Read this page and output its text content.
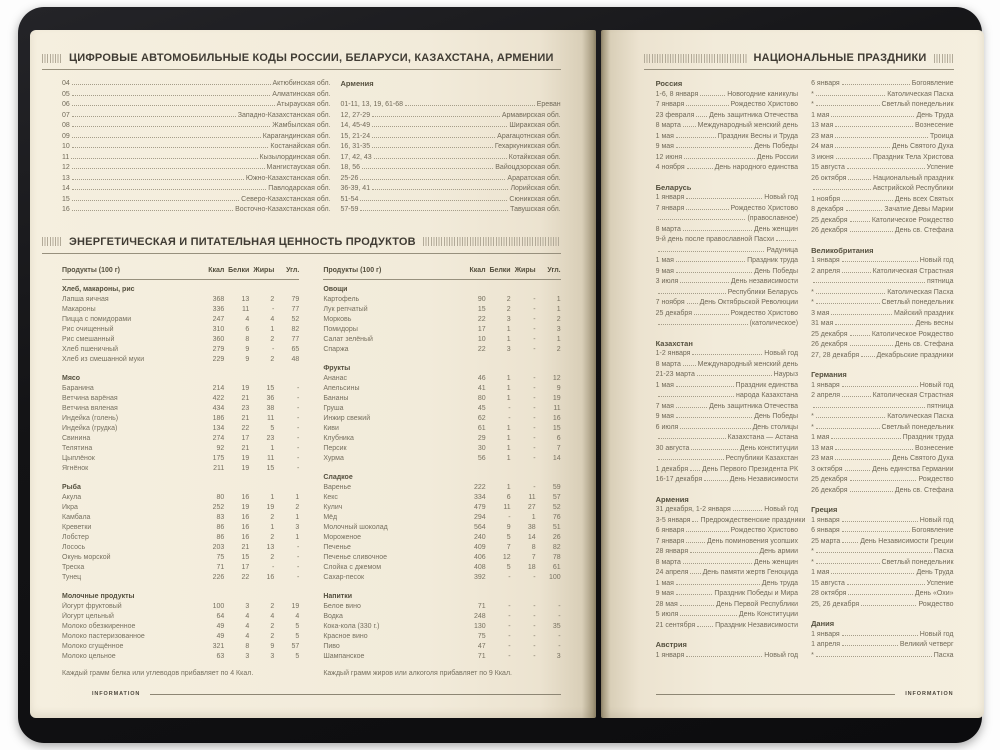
ЦИФРОВЫЕ АВТОМОБИЛЬНЫЕ КОДЫ РОССИИ, БЕЛАРУСИ, КАЗАХСТАНА, АРМЕНИИ
04	Актюбинская обл.
05	Алматинская обл.
06	Атырауская обл.
07	Западно-Казахстанская обл.
08	Жамбылская обл.
09	Карагандинская обл.
10	Костанайская обл.
11	Кызылординская обл.
12	Мангистауская обл.
13	Южно-Казахстанская обл.
14	Павлодарская обл.
15	Северо-Казахстанская обл.
16	Восточно-Казахстанская обл.
Армения
01-11, 13, 19, 61-68	Ереван
12, 27-29	Армавирская обл.
14, 45-49	Ширакская обл.
15, 21-24	Арагацотнская обл.
16, 31-35	Гехаркуникская обл.
17, 42, 43	Котайкская обл.
18, 56	Вайоцдзорская обл.
25-26	Араратская обл.
36-39, 41	Лорийская обл.
51-54	Сюникская обл.
57-59	Тавушская обл.
ЭНЕРГЕТИЧЕСКАЯ И ПИТАТЕЛЬНАЯ ЦЕННОСТЬ ПРОДУКТОВ
Продукты (100 г)	Ккал Белки Жиры	Угл.
Хлеб, макароны, рис
Лапша яичная	368	13	2	79
Макароны	336	11	-	77
Пицца с помидорами	247	4	4	52
Рис очищенный	310	6	1	82
Рис смешанный	360	8	2	77
Хлеб пшеничный	279	9	-	65
Хлеб из смешанной муки	229	9	2	48
Мясо
Баранина	214	19	15	-
Ветчина варёная	422	21	36	-
Ветчина вяленая	434	23	38	-
Индейка (голень)	186	21	11	-
Индейка (грудка)	134	22	5	-
Свинина	274	17	23	-
Телятина	92	21	1	-
Цыплёнок	175	19	11	-
Ягнёнок	211	19	15	-
Рыба
Акула	80	16	1	1
Икра	252	19	19	2
Камбала	83	16	2	1
Креветки	86	16	1	3
Лобстер	86	16	2	1
Лосось	203	21	13	-
Окунь морской	75	15	2	-
Треска	71	17	-	-
Тунец	226	22	16	-
Молочные продукты
Йогурт фруктовый	100	3	2	19
Йогурт цельный	64	4	4	4
Молоко обезжиренное	49	4	2	5
Молоко пастеризованное	49	4	2	5
Молоко сгущённое	321	8	9	57
Молоко цельное	63	3	3	5
Каждый грамм белка или углеводов прибавляет по 4 Ккал.
Продукты (100 г)	Ккал Белки Жиры	Угл.
Овощи
Картофель	90	2	-	1
Лук репчатый	15	2	-	1
Морковь	22	3	-	2
Помидоры	17	1	-	3
Салат зелёный	10	1	-	1
Спаржа	22	3	-	2
Фрукты
Ананас	46	1	-	12
Апельсины	41	1	-	9
Бананы	80	1	-	19
Груша	45	-	-	11
Инжир свежий	62	-	-	16
Киви	61	1	-	15
Клубника	29	1	-	6
Персик	30	1	-	7
Хурма	56	1	-	14
Сладкое
Варенье	222	1	-	59
Кекс	334	6	11	57
Кулич	479	11	27	52
Мёд	294	-	1	76
Молочный шоколад	564	9	38	51
Мороженое	240	5	14	26
Печенье	409	7	8	82
Печенье сливочное	406	12	7	78
Слойка с джемом	408	5	18	61
Сахар-песок	392	-	-	100
Напитки
Белое вино	71	-	-	-
Водка	248	-	-	-
Кока-кола (330 г.)	130	-	-	35
Красное вино	75	-	-	-
Пиво	47	-	-	-
Шампанское	71	-	-	3
Каждый грамм жиров или алкоголя прибавляет по 9 Ккал.
INFORMATION
НАЦИОНАЛЬНЫЕ ПРАЗДНИКИ
Россия
1-6, 8 января	Новогодние каникулы
7 января	Рождество Христово
23 февраля День защитника Отечества
8 марта Международный женский день
1 мая	Праздник Весны и Труда
9 мая	День Победы
12 июня	День России
4 ноября	День народного единства
Беларусь
1 января	Новый год
7 января	Рождество Христово
(православное)
8 марта	День женщин
9-й день после православной Пасхи
Радуница
1 мая	Праздник труда
9 мая	День Победы
3 июля	День независимости
Республики Беларусь
7 ноября День Октябрьской Революции
25 декабря	Рождество Христово
(католическое)
Казахстан
1-2 января	Новый год
8 марта Международный женский день
21-23 марта	Наурыз
1 мая	Праздник единства
народа Казахстана
7 мая	День защитника Отечества
9 мая	День Победы
6 июля	День столицы
Казахстана — Астана
30 августа	День конституции
Республики Казахстан
1 декабря День Первого Президента РК
16-17 декабря	День Независимости
Армения
31 декабря, 1-2 января	Новый год
3-5 января Предрождественские праздники
6 января	Рождество Христово
7 января	День поминовения усопших
28 января	День армии
8 марта	День женщин
24 апреля День памяти жертв Геноцида
1 мая	День труда
9 мая	Праздник Победы и Мира
28 мая	День Первой Республики
5 июля	День Конституции
21 сентября	Праздник Независимости
Австрия
1 января	Новый год
6 января	Богоявление
*	Католическая Пасха
*	Светлый понедельник
1 мая	День Труда
13 мая	Вознесение
23 мая	Троица
24 мая	День Святого Духа
3 июня	Праздник Тела Христова
15 августа	Успение
26 октября	Национальный праздник
Австрийской Республики
1 ноября	День всех Святых
8 декабря	Зачатие Девы Марии
25 декабря	Католическое Рождество
26 декабря	День св. Стефана
Великобритания
1 января	Новый год
2 апреля	Католическая Страстная
пятница
*	Католическая Пасха
*	Светлый понедельник
3 мая	Майский праздник
31 мая	День весны
25 декабря	Католическое Рождество
26 декабря	День св. Стефана
27, 28 декабря Декабрьские праздники
Германия
1 января	Новый год
2 апреля	Католическая Страстная
пятница
*	Католическая Пасха
*	Светлый понедельник
1 мая	Праздник труда
13 мая	Вознесение
23 мая	День Святого Духа
3 октября	День единства Германии
25 декабря	Рождество
26 декабря	День св. Стефана
Греция
1 января	Новый год
6 января	Богоявление
25 марта	День Независимости Греции
*	Пасха
*	Светлый понедельник
1 мая	День Труда
15 августа	Успение
28 октября	День «Охи»
25, 26 декабря	Рождество
Дания
1 января	Новый год
1 апреля	Великий четверг
*	Пасха
INFORMATION
